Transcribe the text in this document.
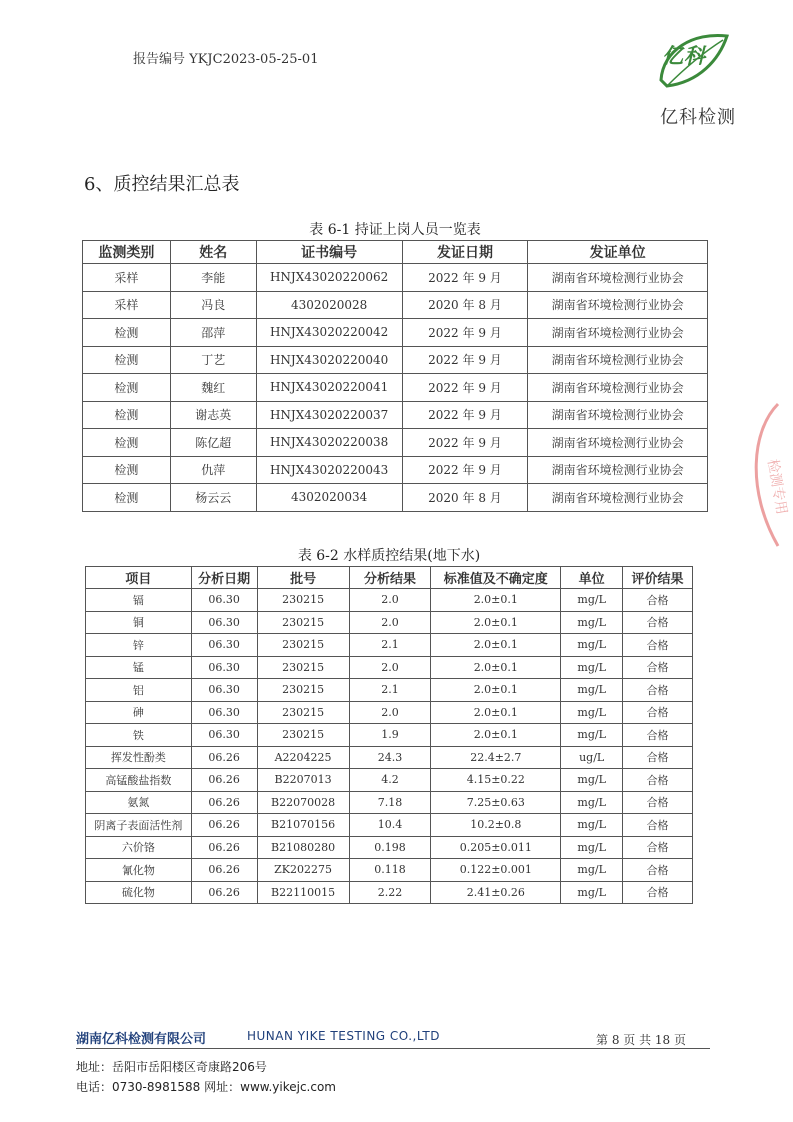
报告编号 YKJC2023-05-25-01	亿科
亿科检测
6、质控结果汇总表
表 6-1 持证上岗人员一览表
监测类别	姓名	证书编号	发证日期	发证单位
采样	李能	HNJX43020220062	2022 年 9 月	湖南省环境检测行业协会
采样	冯良	4302020028	2020 年 8 月	湖南省环境检测行业协会
检测	邵萍	HNJX43020220042	2022 年 9 月	湖南省环境检测行业协会
检测	丁艺	HNJX43020220040	2022 年 9 月	湖南省环境检测行业协会
检测	魏红	HNJX43020220041	2022 年 9 月	湖南省环境检测行业协会
检测	谢志英	HNJX43020220037	2022 年 9 月	湖南省环境检测行业协会
检测	陈亿超	HNJX43020220038	2022 年 9 月	湖南省环境检测行业协会
检测	仇萍	HNJX43020220043	2022 年 9 月	湖南省环境检测行业协会
检测	杨云云	4302020034	2020 年 8 月	湖南省环境检测行业协会
表 6-2 水样质控结果(地下水)
项目	分析日期	批号	分析结果	标准值及不确定度	单位	评价结果
镉	06.30	230215	2.0	2.0±0.1	mg/L	合格
铜	06.30	230215	2.0	2.0±0.1	mg/L	合格
锌	06.30	230215	2.1	2.0±0.1	mg/L	合格
锰	06.30	230215	2.0	2.0±0.1	mg/L	合格
铝	06.30	230215	2.1	2.0±0.1	mg/L	合格
砷	06.30	230215	2.0	2.0±0.1	mg/L	合格
铁	06.30	230215	1.9	2.0±0.1	mg/L	合格
挥发性酚类	06.26	A2204225	24.3	22.4±2.7	ug/L	合格
高锰酸盐指数	06.26	B2207013	4.2	4.15±0.22	mg/L	合格
氨氮	06.26	B22070028	7.18	7.25±0.63	mg/L	合格
阴离子表面活性剂	06.26	B21070156	10.4	10.2±0.8	mg/L	合格
六价铬	06.26	B21080280	0.198	0.205±0.011	mg/L	合格
氰化物	06.26	ZK202275	0.118	0.122±0.001	mg/L	合格
硫化物	06.26	B22110015	2.22	2.41±0.26	mg/L	合格
检测专用
湖南亿科检测有限公司	HUNAN YIKE TESTING CO.,LTD	第 8 页 共 18 页
地址：岳阳市岳阳楼区奇康路206号
电话：0730-8981588 网址：www.yikejc.com
